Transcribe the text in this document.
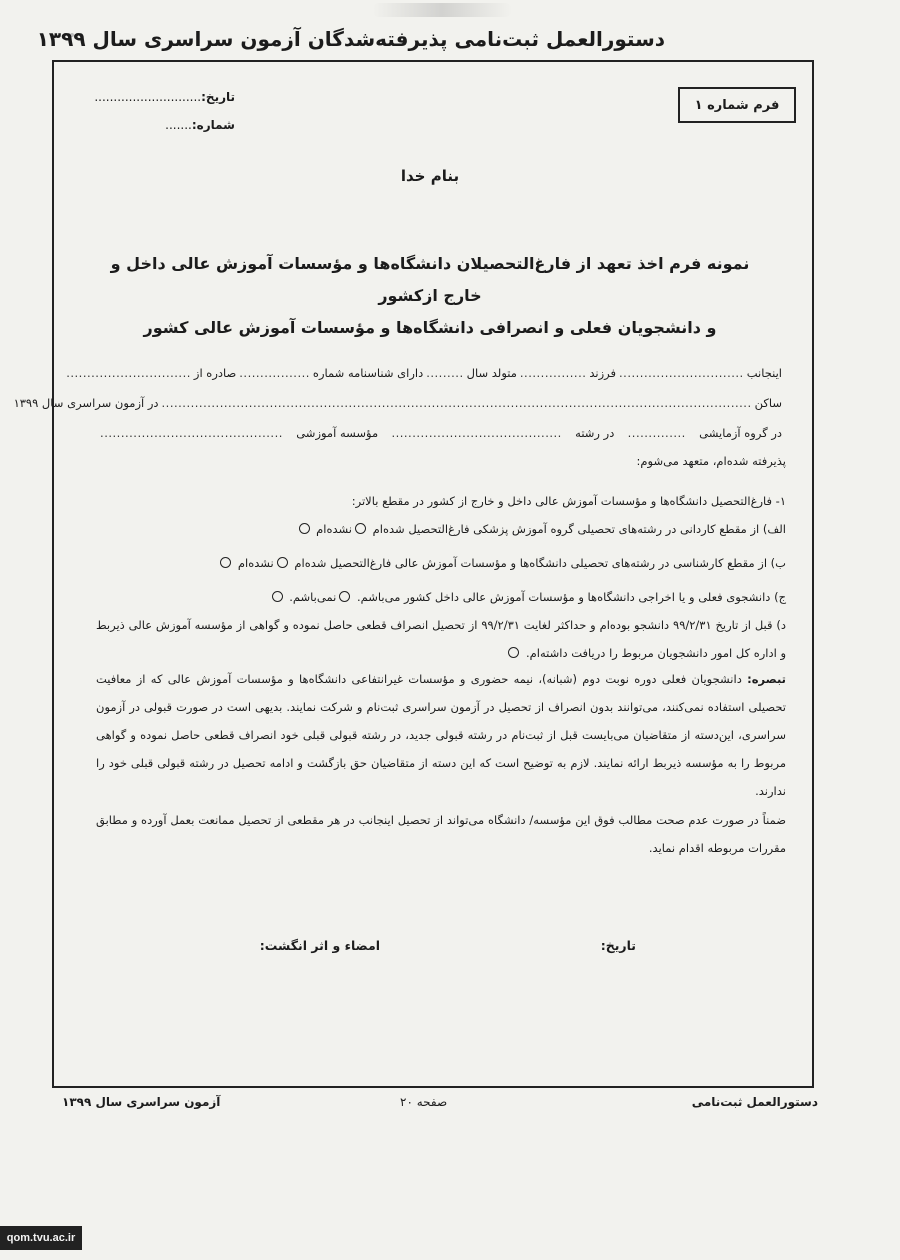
دستورالعمل ثبت‌نامی پذیرفته‌شدگان آزمون سراسری سال ۱۳۹۹
فرم شماره ۱
تاریخ:............................
شماره:.......
بنام خدا
نمونه فرم اخذ تعهد از فارغ‌التحصیلان دانشگاه‌ها و مؤسسات آموزش عالی داخل و خارج ازکشور
و دانشجویان فعلی و انصرافی دانشگاه‌ها و مؤسسات آموزش عالی کشور
اینجانب
..............................
فرزند
................
متولد سال
.........
دارای شناسنامه شماره
.................
صادره از
..............................
ساکن
..............................................................................................................................................
در آزمون سراسری سال ۱۳۹۹
در گروه آزمایشی
..............
در رشته
.........................................
مؤسسه آموزشی
............................................
پذیرفته شده‌ام، متعهد می‌شوم:
۱- فارغ‌التحصیل دانشگاه‌ها و مؤسسات آموزش عالی داخل و خارج از کشور در مقطع بالاتر:
الف) از مقطع کاردانی در رشته‌های تحصیلی گروه آموزش پزشکی فارغ‌التحصیل شده‌ام نشده‌ام
ب) از مقطع کارشناسی در رشته‌های تحصیلی دانشگاه‌ها و مؤسسات آموزش عالی فارغ‌التحصیل شده‌ام نشده‌ام
ج) دانشجوی فعلی و یا اخراجی دانشگاه‌ها و مؤسسات آموزش عالی داخل کشور می‌باشم. نمی‌باشم.
د) قبل از تاریخ ۹۹/۲/۳۱ دانشجو بوده‌ام و حداکثر لغایت ۹۹/۲/۳۱ از تحصیل انصراف قطعی حاصل نموده و گواهی از مؤسسه آموزش عالی ذیربط و اداره کل امور دانشجویان مربوط را دریافت داشته‌ام.
تبصره: دانشجویان فعلی دوره نوبت دوم (شبانه)، نیمه حضوری و مؤسسات غیرانتفاعی دانشگاه‌ها و مؤسسات آموزش عالی که از معافیت تحصیلی استفاده نمی‌کنند، می‌توانند بدون انصراف از تحصیل در آزمون سراسری ثبت‌نام و شرکت نمایند. بدیهی است در صورت قبولی در آزمون سراسری، این‌دسته از متقاضیان می‌بایست قبل از ثبت‌نام در رشته قبولی جدید، در رشته قبولی قبلی خود انصراف قطعی حاصل نموده و گواهی مربوط را به مؤسسه ذیربط ارائه نمایند. لازم به توضیح است که این دسته از متقاضیان حق بازگشت و ادامه تحصیل در رشته قبولی قبلی خود را ندارند.
ضمناً در صورت عدم صحت مطالب فوق این مؤسسه/ دانشگاه می‌تواند از تحصیل اینجانب در هر مقطعی از تحصیل ممانعت بعمل آورده و مطابق مقررات مربوطه اقدام نماید.
تاریخ:
امضاء و اثر انگشت:
دستورالعمل ثبت‌نامی
صفحه ۲۰
آزمون سراسری سال ۱۳۹۹
qom.tvu.ac.ir
